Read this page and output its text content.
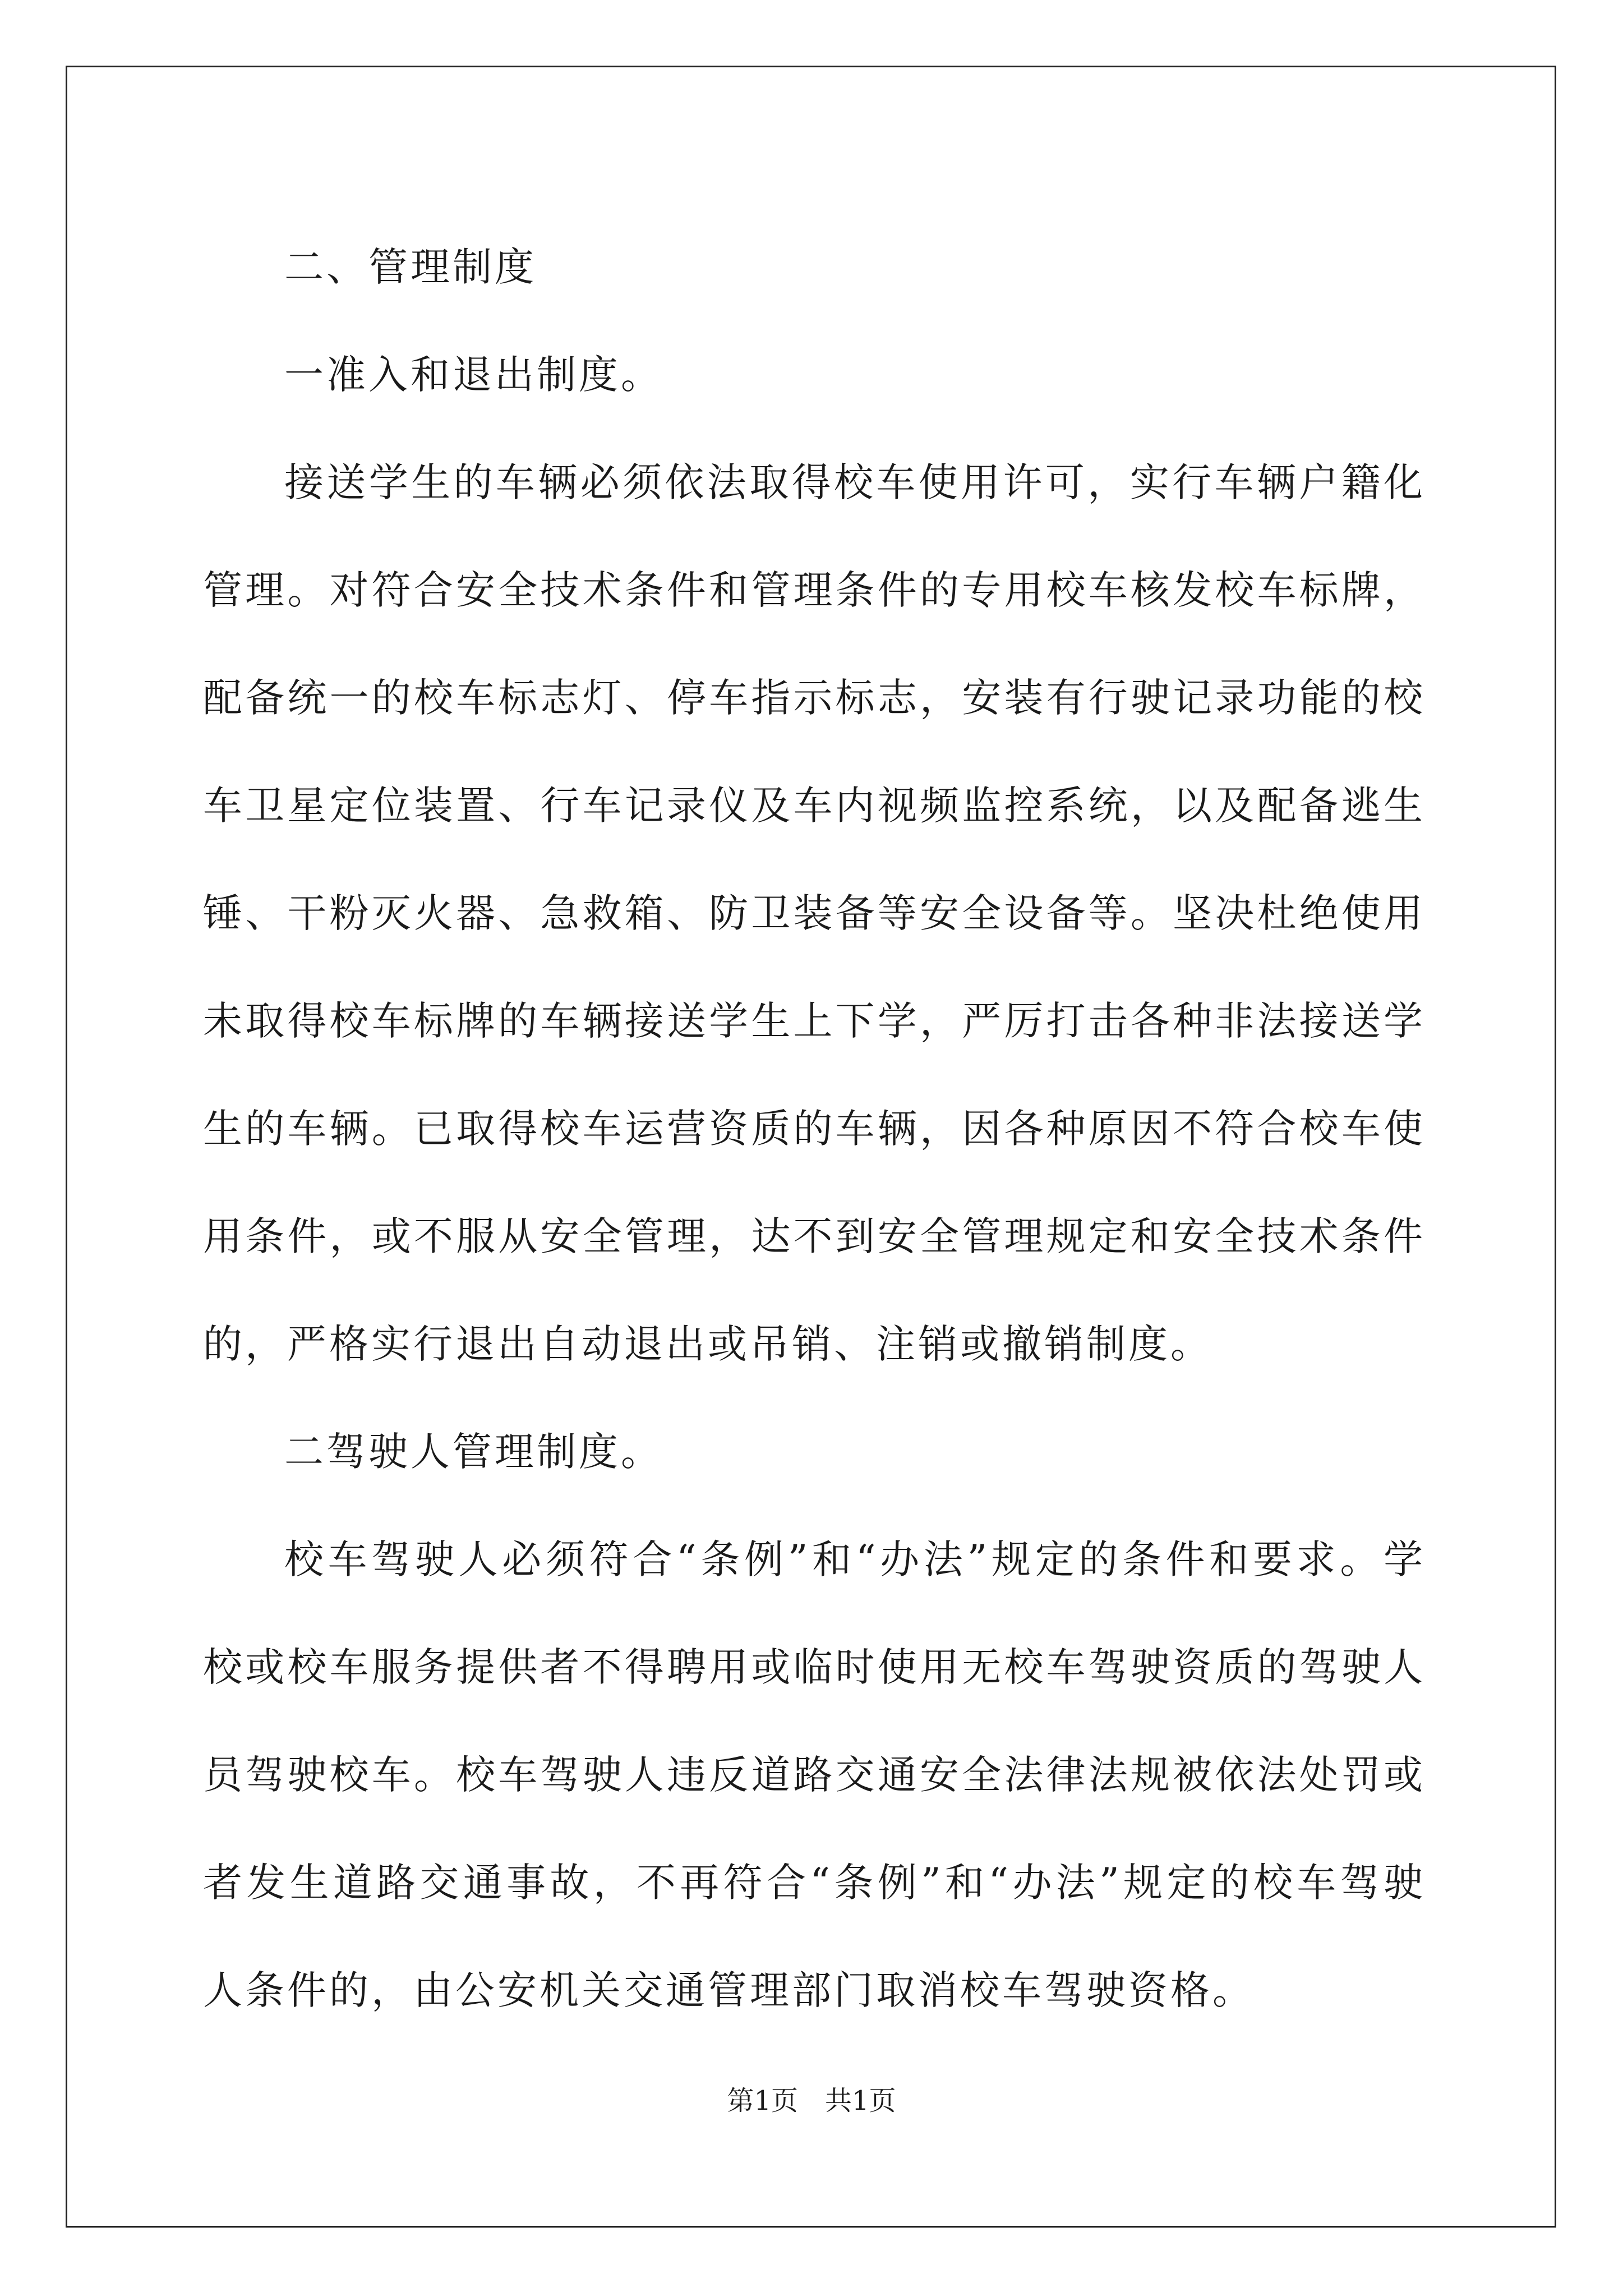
二、管理制度

一准入和退出制度。

接送学生的车辆必须依法取得校车使用许可，实行车辆户籍化管理。对符合安全技术条件和管理条件的专用校车核发校车标牌，配备统一的校车标志灯、停车指示标志，安装有行驶记录功能的校车卫星定位装置、行车记录仪及车内视频监控系统，以及配备逃生锤、干粉灭火器、急救箱、防卫装备等安全设备等。坚决杜绝使用未取得校车标牌的车辆接送学生上下学，严厉打击各种非法接送学生的车辆。已取得校车运营资质的车辆，因各种原因不符合校车使用条件，或不服从安全管理，达不到安全管理规定和安全技术条件的，严格实行退出自动退出或吊销、注销或撤销制度。

二驾驶人管理制度。

校车驾驶人必须符合“条例”和“办法”规定的条件和要求。学校或校车服务提供者不得聘用或临时使用无校车驾驶资质的驾驶人员驾驶校车。校车驾驶人违反道路交通安全法律法规被依法处罚或者发生道路交通事故，不再符合“条例”和“办法”规定的校车驾驶人条件的，由公安机关交通管理部门取消校车驾驶资格。

第1页　共1页
